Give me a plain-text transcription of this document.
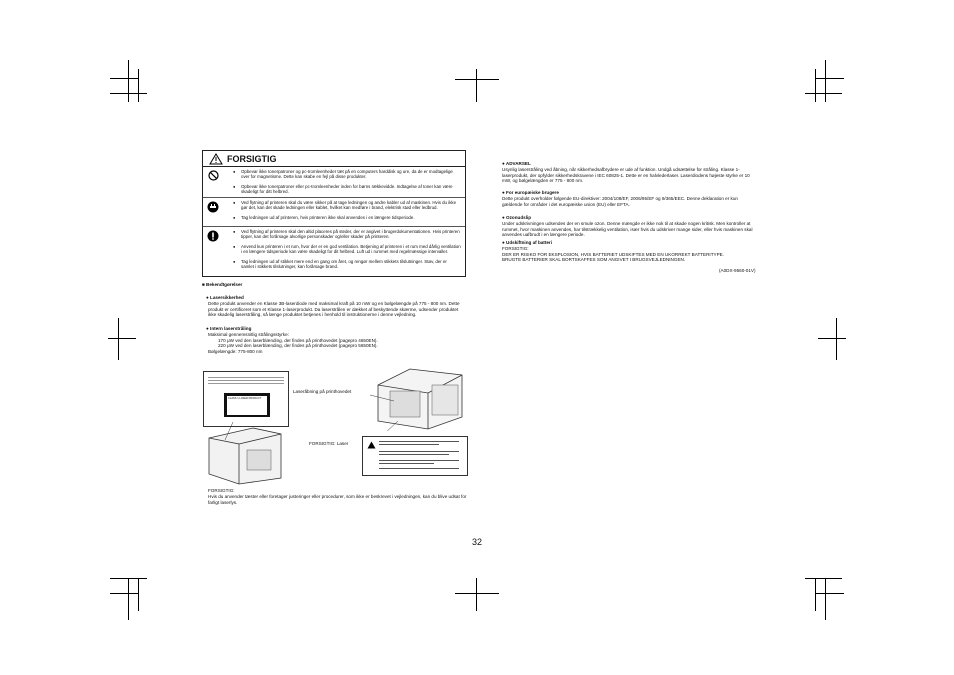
FORSIGTIG
● Opbevar ikke tonerpatroner og pc-tromleenheder tæt på en computers harddisk og ure, da de er modtagelige over for magnetisme. Dette kan skabe en fejl på disse produkter.
● Opbevar ikke tonerpatroner eller pc-tromleenheder inden for børns rækkevidde. Indtagelse af toner kan være skadeligt for ditt helbred.
● Ved flytning af printeren skal du være sikker på at tage ledningen og andre kabler ud af maskinen. Hvis du ikke gør det, kan det skade ledningen eller kablet, hvilket kan medføre i brand, elektrisk stød eller ledbrud.
● Tag ledningen ud af printeren, hvis printeren ikke skal anvendes i en længere tidsperiode.
● Ved flytning af printeren skal den altid placeres på steder, der er angivet i brugerdokumentationen. Hvis printeren tipper, kan det forårsage alvorlige personskader og/eller skader på printeren.
● Anvend kun printeren i et rum, hvor der er en god ventilation. Betjening af printeren i et rum med dårlig ventilation i en længere tidsperiode kan være skadeligt for dit helbred. Luft ud i rummet med regelmæssige intervaller.
● Tag ledningen ud af stikket mere end en gang om året, og rengør mellem stikkets tilslutninger. Støv, der er samlet i stikkets tilslutninger, kan forårsage brand.
■ Bekendtgørelser
● Lasersikkerhed
Dette produkt anvender en Klasse 3B-laserdiode med maksimal kraft på 10 mW og en bølgelængde på 775 - 800 nm. Dette produkt er certificeret som et Klasse 1-laserprodukt. Da laserstrålen er dækket af beskyttende skærme, udsender produktet ikke skadelig laserstråling, så længe produktet betjenes i henhold til instruktionerne i denne vejledning.
● Intern laserstråling
Maksimal gennemsnitlig strålingsstyrke:
170 μW ved den laserblænding, der findes på printhovedet (pagepro 4650EN).
220 μW ved den laserblænding, der findes på printhovedet (pagepro 5650EN).
Bølgelængde: 775-800 nm
CLASS 1 LASER PRODUCT
Laseråbning på printhovedet
FORSIGTIG: Laser
FORSIGTIG:
Hvis du anvender tæster eller foretager justeringer eller procedurer, som ikke er beskrevet i vejledningen, kan du blive udsat for farligt laserlys.
● ADVARSEL
Usynlig laserstråling ved åbning, når sikkerhedsafbrydere er ude af funktion. Undgå udsættelse for stråling. Klasse 1-laserprodukt, der opfylder sikkerhedskravene i IEC 60825-1. Dette er en halvlederlaser. Laserdiodens højeste styrke er 10 mW, og bølgelængden er 775 - 800 nm.
● For europæiske brugere
Dette produkt overholder følgende EU-direktiver: 2004/108/EF, 2006/95/EF og 9/365/EEC. Denne deklaration er kun gældende for områder i det europæiske union (EU) eller EFTA.
● Ozonudslip
Under udskrivningen udsendes der en smule ozon. Denne mængde er ikke nok til at skade nogen kritisk. Men kontroller at rummet, hvor maskinen anvendes, har tilstrækkelig ventilation, især hvis du udskriver mange sider, eller hvis maskinen skal anvendes uafbrudt i en længere periode.
● Udskiftning af batteri
FORSIGTIG:
DER ER RISIKO FOR EKSPLOSION, HVIS BATTERIET UDSKIFTES MED EN UKORREKT BATTERITYPE.
BRUGTE BATTERIER SKAL BORTSKAFFES SOM ANGIVET I BRUGSVEJLEDNINGEN.
(A0DX-9560-01V)
32
